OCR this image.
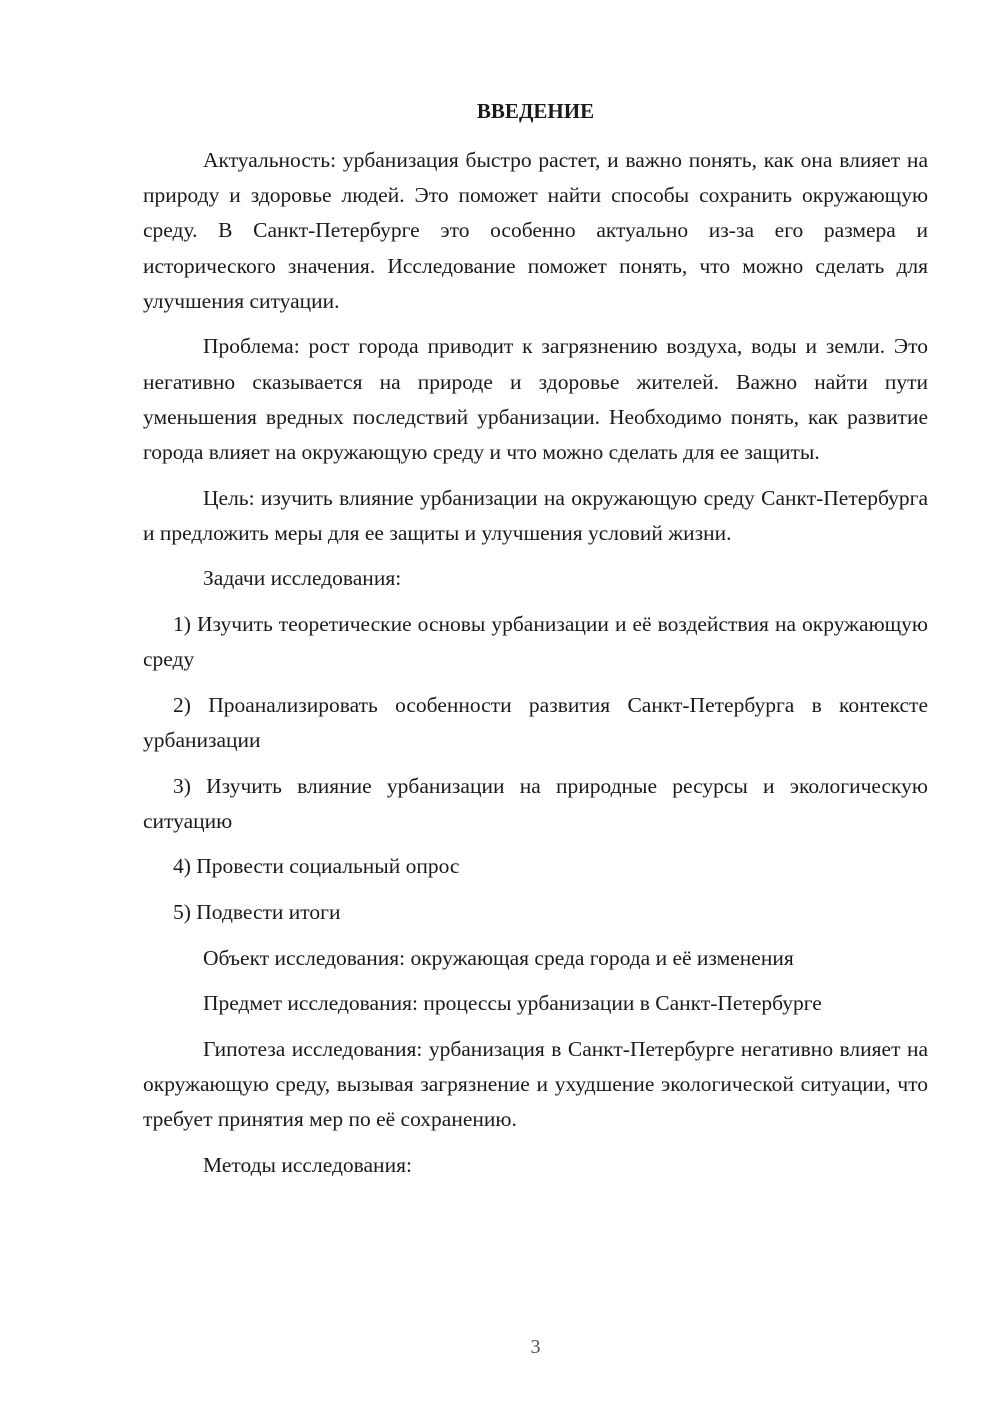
ВВЕДЕНИЕ

Актуальность: урбанизация быстро растет, и важно понять, как она влияет на природу и здоровье людей. Это поможет найти способы сохранить окружающую среду. В Санкт-Петербурге это особенно актуально из-за его размера и исторического значения. Исследование поможет понять, что можно сделать для улучшения ситуации.

Проблема: рост города приводит к загрязнению воздуха, воды и земли. Это негативно сказывается на природе и здоровье жителей. Важно найти пути уменьшения вредных последствий урбанизации. Необходимо понять, как развитие города влияет на окружающую среду и что можно сделать для ее защиты.

Цель: изучить влияние урбанизации на окружающую среду Санкт-Петербурга и предложить меры для ее защиты и улучшения условий жизни.

Задачи исследования:

1) Изучить теоретические основы урбанизации и её воздействия на окружающую среду

2) Проанализировать особенности развития Санкт-Петербурга в контексте урбанизации

3) Изучить влияние урбанизации на природные ресурсы и экологическую ситуацию

4) Провести социальный опрос

5) Подвести итоги

Объект исследования: окружающая среда города и её изменения

Предмет исследования: процессы урбанизации в Санкт-Петербурге

Гипотеза исследования: урбанизация в Санкт-Петербурге негативно влияет на окружающую среду, вызывая загрязнение и ухудшение экологической ситуации, что требует принятия мер по её сохранению.

Методы исследования:

3
